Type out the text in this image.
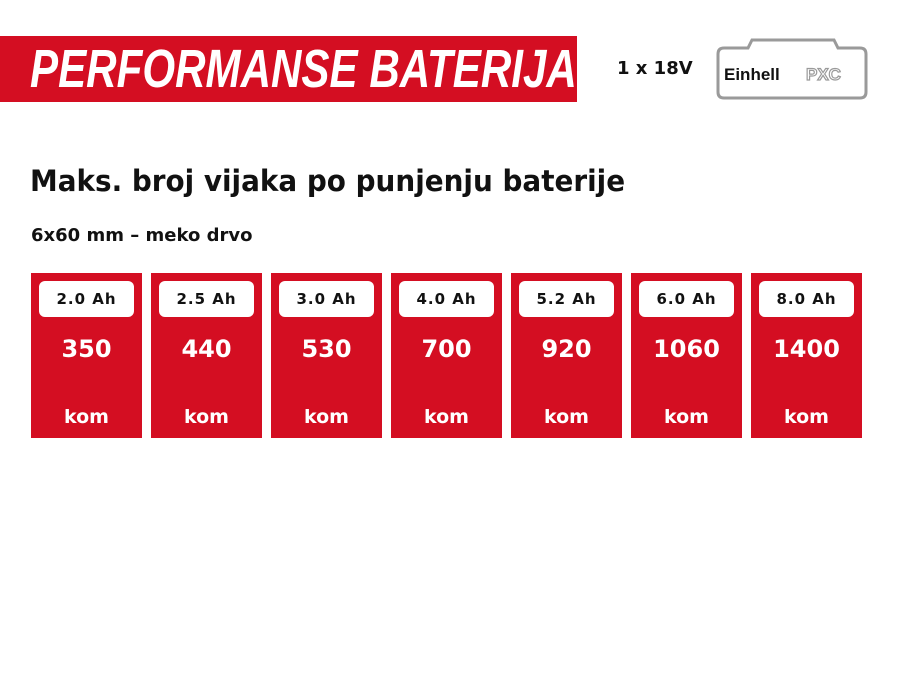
PERFORMANSE BATERIJA 1 x 18V Einhell PXC
Maks. broj vijaka po punjenju baterije
6x60 mm – meko drvo
2.0 Ah
350
kom
2.5 Ah
440
kom
3.0 Ah
530
kom
4.0 Ah
700
kom
5.2 Ah
920
kom
6.0 Ah
1060
kom
8.0 Ah
1400
kom
